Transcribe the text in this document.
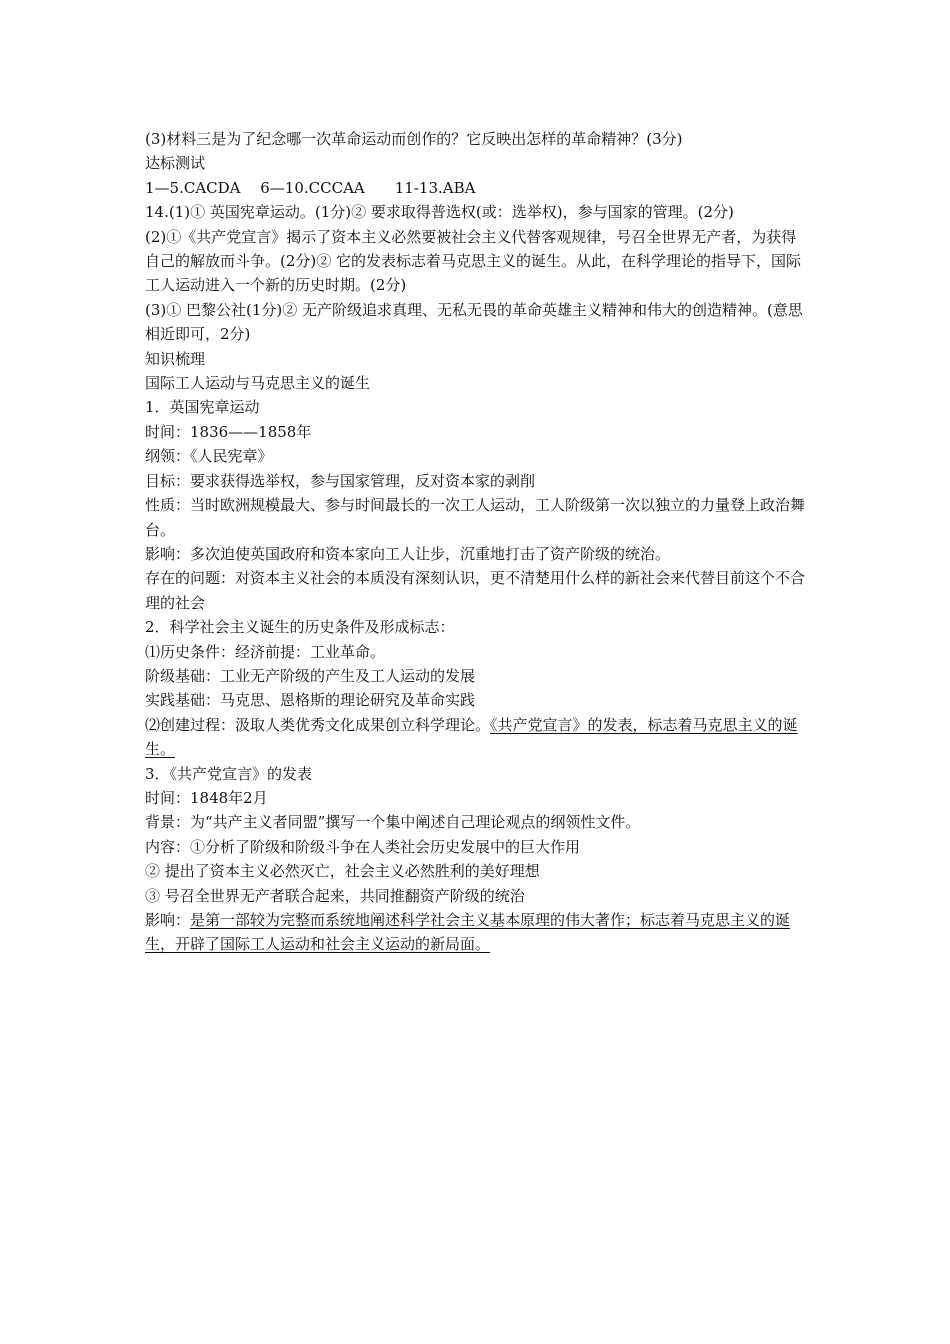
(3)材料三是为了纪念哪一次革命运动而创作的？它反映出怎样的革命精神？(3分)
达标测试
1—5.CACDA　 6—10.CCCAA　　11-13.ABA
14.(1)① 英国宪章运动。(1分)② 要求取得普选权(或：选举权)，参与国家的管理。(2分)
(2)①《共产党宣言》揭示了资本主义必然要被社会主义代替客观规律，号召全世界无产者，为获得自己的解放而斗争。(2分)② 它的发表标志着马克思主义的诞生。从此，在科学理论的指导下，国际工人运动进入一个新的历史时期。(2分)
(3)① 巴黎公社(1分)② 无产阶级追求真理、无私无畏的革命英雄主义精神和伟大的创造精神。(意思相近即可，2分)
知识梳理
国际工人运动与马克思主义的诞生
1．英国宪章运动
时间：1836——1858年
纲领：《人民宪章》
目标：要求获得选举权，参与国家管理，反对资本家的剥削
性质：当时欧洲规模最大、参与时间最长的一次工人运动，工人阶级第一次以独立的力量登上政治舞台。
影响：多次迫使英国政府和资本家向工人让步，沉重地打击了资产阶级的统治。
存在的问题：对资本主义社会的本质没有深刻认识，更不清楚用什么样的新社会来代替目前这个不合理的社会
2．科学社会主义诞生的历史条件及形成标志：
⑴历史条件：经济前提：工业革命。
阶级基础：工业无产阶级的产生及工人运动的发展
实践基础：马克思、恩格斯的理论研究及革命实践
⑵创建过程：汲取人类优秀文化成果创立科学理论。《共产党宣言》的发表，标志着马克思主义的诞生。
3．《共产党宣言》的发表
时间：1848年2月
背景：为“共产主义者同盟”撰写一个集中阐述自己理论观点的纲领性文件。
内容：①分析了阶级和阶级斗争在人类社会历史发展中的巨大作用
② 提出了资本主义必然灭亡，社会主义必然胜利的美好理想
③ 号召全世界无产者联合起来，共同推翻资产阶级的统治
影响：是第一部较为完整而系统地阐述科学社会主义基本原理的伟大著作；标志着马克思主义的诞生，开辟了国际工人运动和社会主义运动的新局面。
